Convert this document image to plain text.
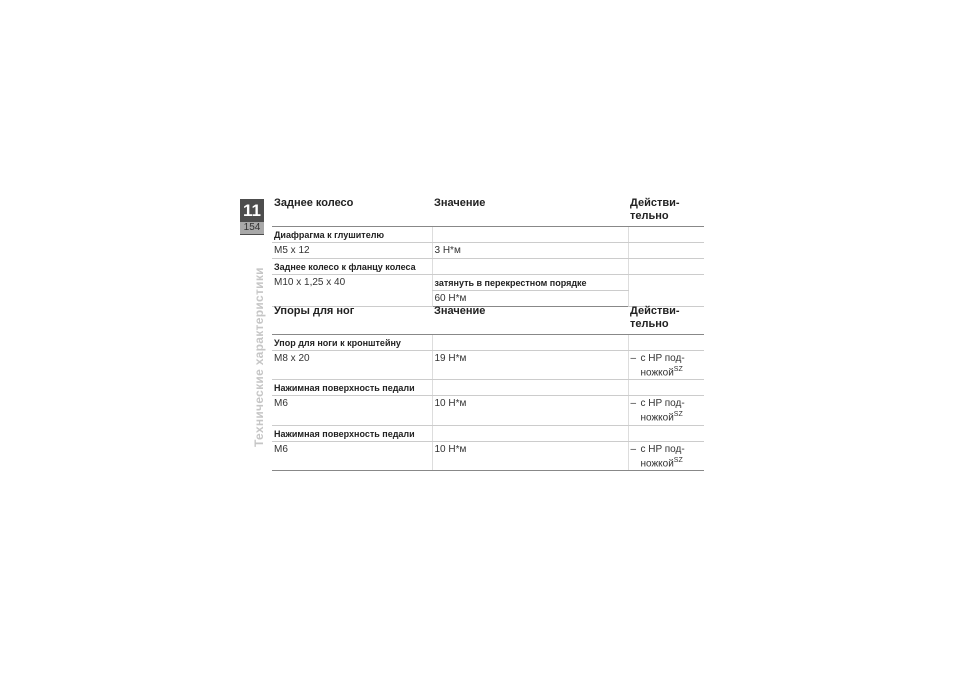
11
154
Технические характеристики
Заднее колесо	Значение	Действи-тельно
Диафрагма к глушителю		
M5 x 12	3 Н*м	
Заднее колесо к фланцу колеса		
M10 x 1,25 x 40	затянуть в перекрестном порядке	
	60 Н*м	
Упоры для ног	Значение	Действи-тельно
Упор для ноги к кронштейну		
M8 x 20	19 Н*м	– с HP под-ножкой$^{SZ}$

Нажимная поверхность педали		
M6	10 Н*м	– с HP под-ножкой$^{SZ}$

Нажимная поверхность педали		
M6	10 Н*м	– с HP под-ножкой$^{SZ}$
